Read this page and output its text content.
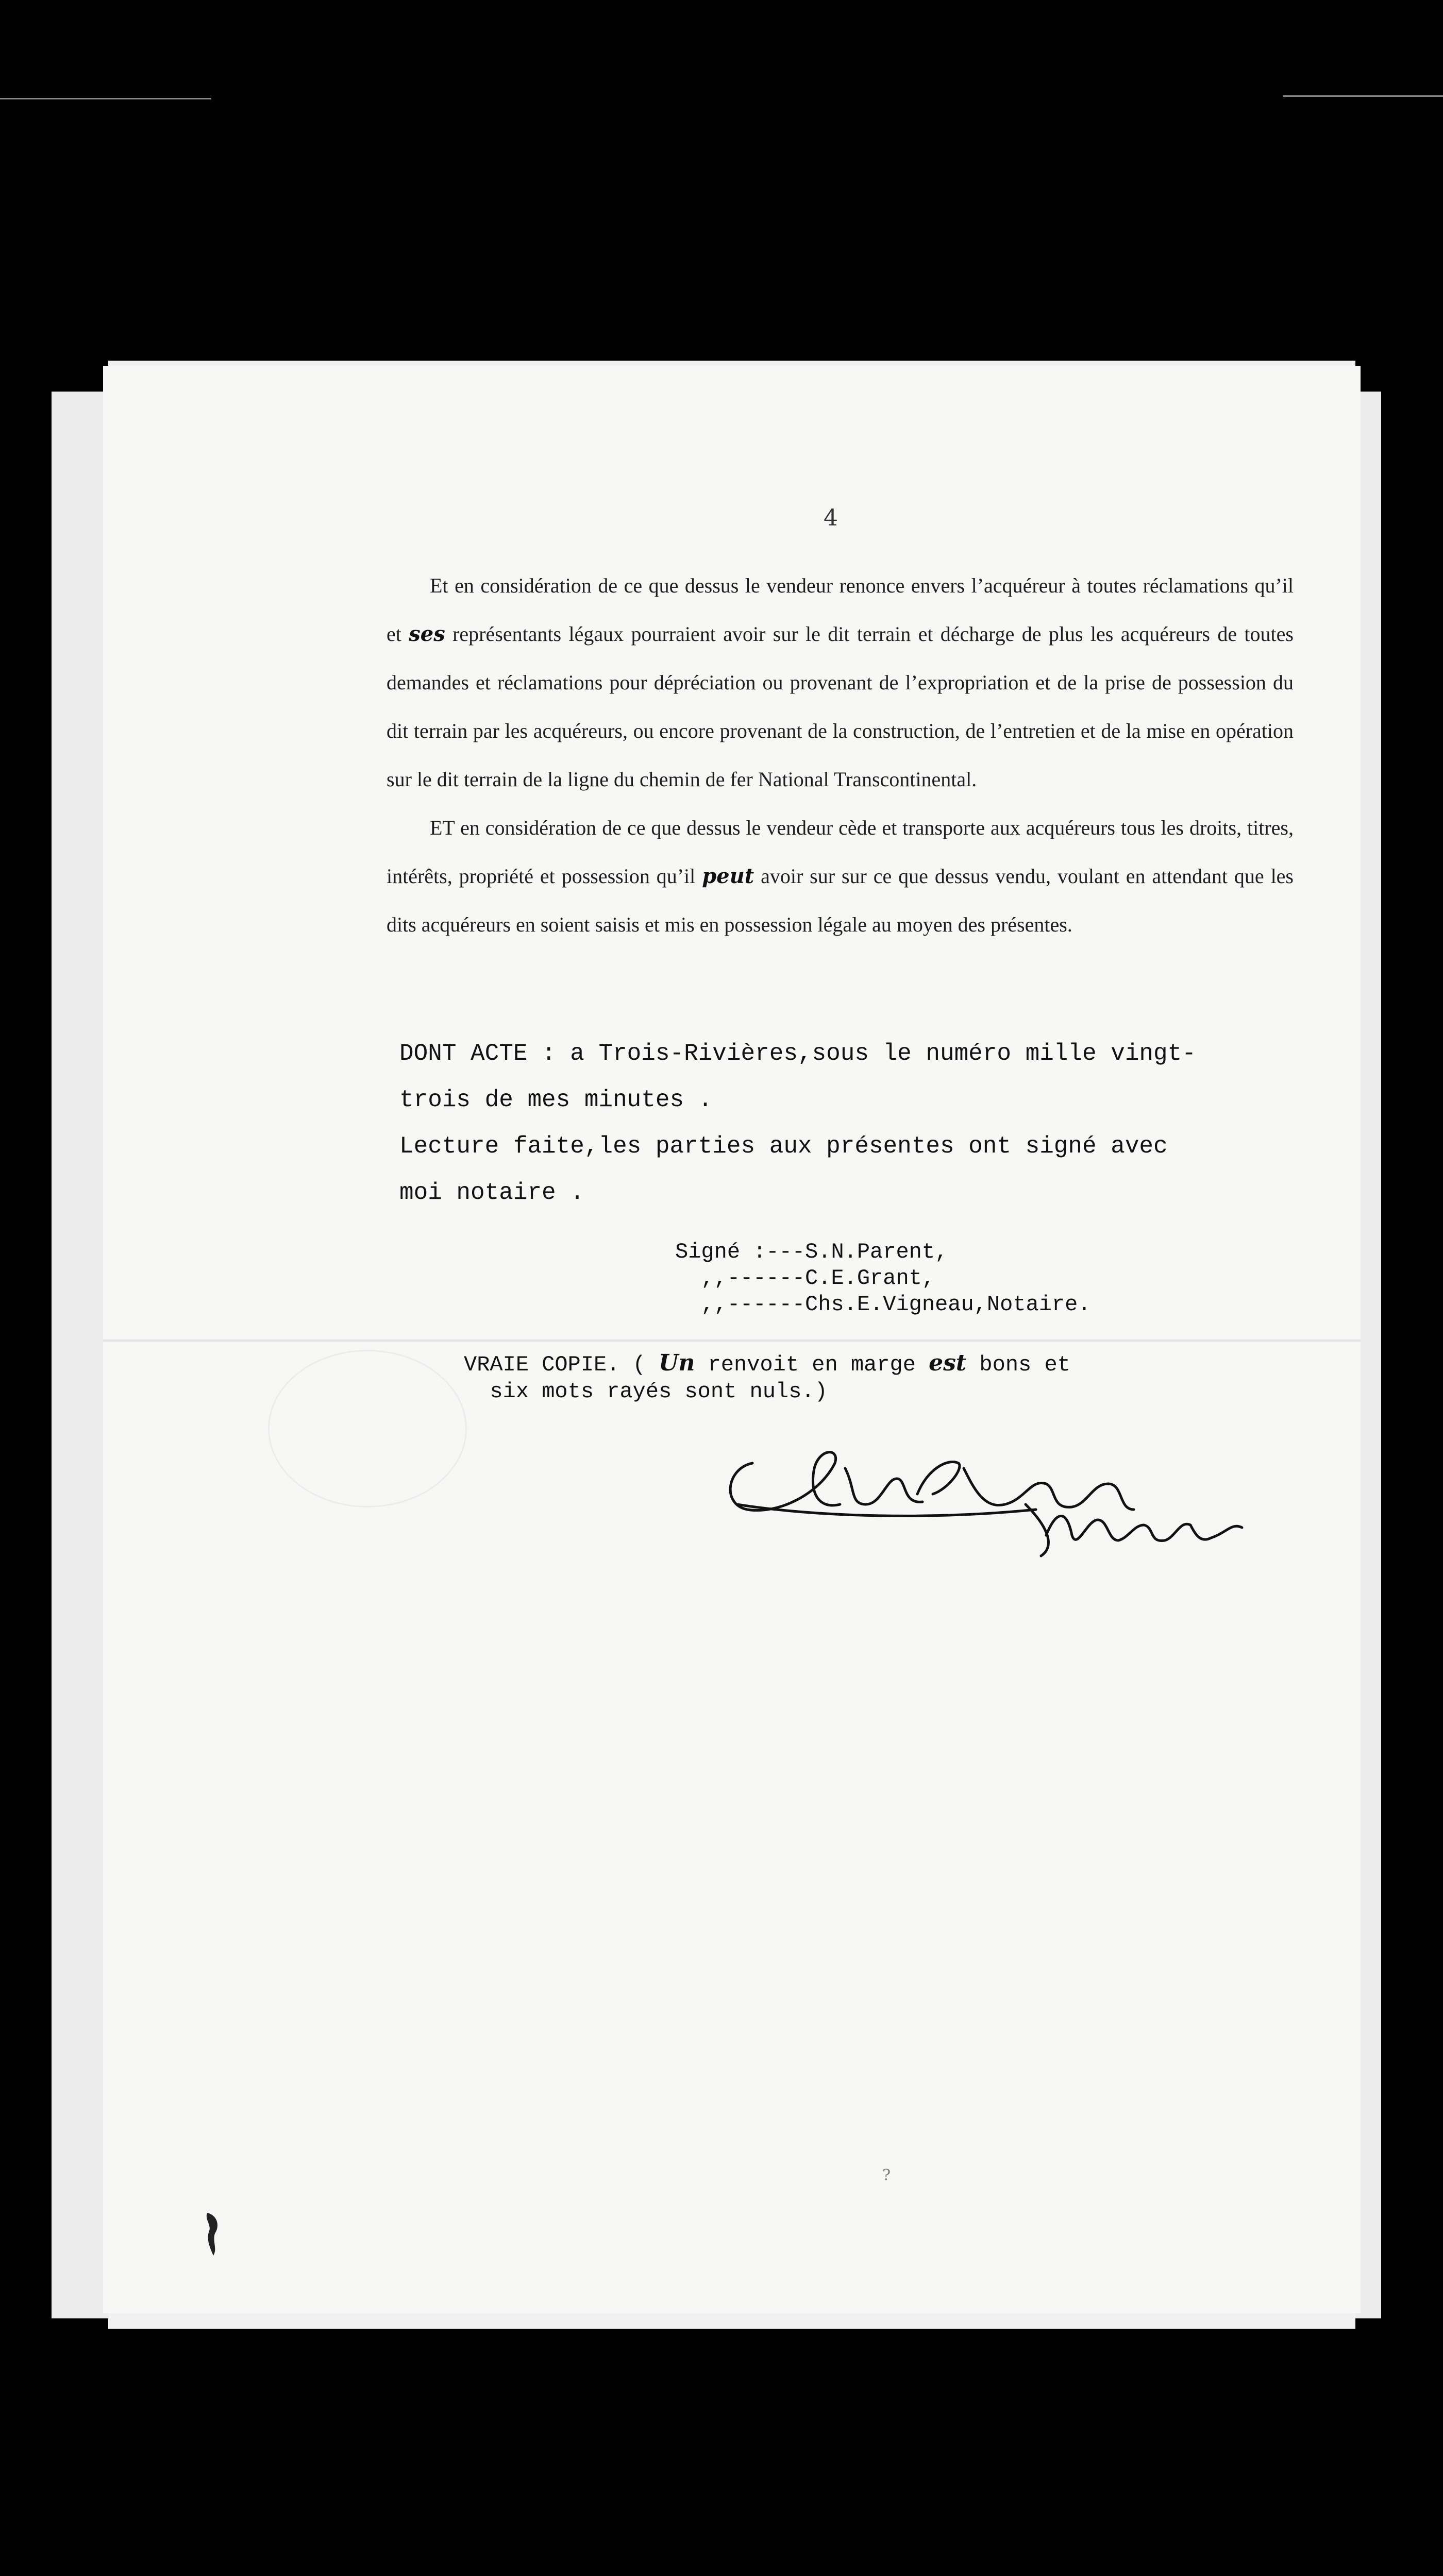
4

Et en considération de ce que dessus le vendeur renonce envers l’acquéreur à toutes réclamations qu’il et ses représentants légaux pourraient avoir sur le dit terrain et décharge de plus les acquéreurs de toutes demandes et réclamations pour dépréciation ou provenant de l’expropriation et de la prise de possession du dit terrain par les acquéreurs, ou encore provenant de la construction, de l’entretien et de la mise en opération sur le dit terrain de la ligne du chemin de fer National Transcontinental.

ET en considération de ce que dessus le vendeur cède et transporte aux acquéreurs tous les droits, titres, intérêts, propriété et possession qu’il peut avoir sur sur ce que dessus vendu, voulant en attendant que les dits acquéreurs en soient saisis et mis en possession légale au moyen des présentes.

DONT ACTE : a Trois-Rivières,sous le numéro mille vingt-
trois de mes minutes .
Lecture faite,les parties aux présentes ont signé avec
moi notaire .
Signé :---S.N.Parent,
,,------C.E.Grant,
,,------Chs.E.Vigneau,Notaire.
VRAIE COPIE. ( Un renvoit en marge est bons et
six mots rayés sont nuls.)
?
